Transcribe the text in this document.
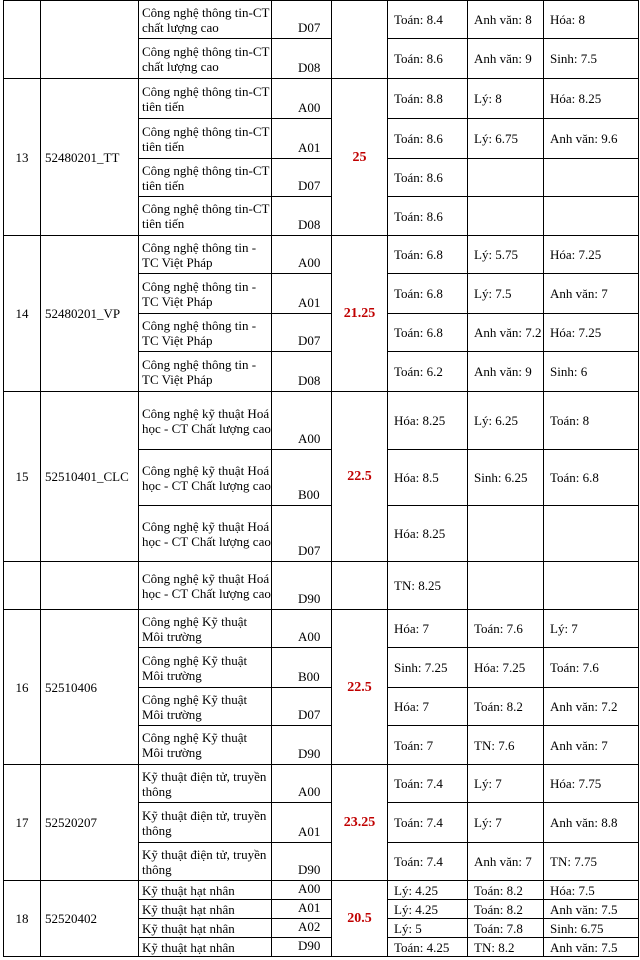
		Công nghệ thông tin-CT chất lượng cao	D07		Toán: 8.4	Anh văn: 8	Hóa: 8
		Công nghệ thông tin-CT chất lượng cao	D08		Toán: 8.6	Anh văn: 9	Sinh: 7.5
13	52480201_TT	Công nghệ thông tin-CT tiên tiến	A00	25	Toán: 8.8	Lý: 8	Hóa: 8.25
		Công nghệ thông tin-CT tiên tiến	A01		Toán: 8.6	Lý: 6.75	Anh văn: 9.6
		Công nghệ thông tin-CT tiên tiến	D07		Toán: 8.6		
		Công nghệ thông tin-CT tiên tiến	D08		Toán: 8.6		
14	52480201_VP	Công nghệ thông tin - TC Việt Pháp	A00	21.25	Toán: 6.8	Lý: 5.75	Hóa: 7.25
		Công nghệ thông tin - TC Việt Pháp	A01		Toán: 6.8	Lý: 7.5	Anh văn: 7
		Công nghệ thông tin - TC Việt Pháp	D07		Toán: 6.8	Anh văn: 7.2	Hóa: 7.25
		Công nghệ thông tin - TC Việt Pháp	D08		Toán: 6.2	Anh văn: 9	Sinh: 6
15	52510401_CLC	Công nghệ kỹ thuật Hoá học - CT Chất lượng cao	A00	22.5	Hóa: 8.25	Lý: 6.25	Toán: 8
		Công nghệ kỹ thuật Hoá học - CT Chất lượng cao	B00		Hóa: 8.5	Sinh: 6.25	Toán: 6.8
		Công nghệ kỹ thuật Hoá học - CT Chất lượng cao	D07		Hóa: 8.25		
		Công nghệ kỹ thuật Hoá học - CT Chất lượng cao	D90		TN: 8.25		
16	52510406	Công nghệ Kỹ thuật Môi trường	A00	22.5	Hóa: 7	Toán: 7.6	Lý: 7
		Công nghệ Kỹ thuật Môi trường	B00		Sinh: 7.25	Hóa: 7.25	Toán: 7.6
		Công nghệ Kỹ thuật Môi trường	D07		Hóa: 7	Toán: 8.2	Anh văn: 7.2
		Công nghệ Kỹ thuật Môi trường	D90		Toán: 7	TN: 7.6	Anh văn: 7
17	52520207	Kỹ thuật điện tử, truyền thông	A00	23.25	Toán: 7.4	Lý: 7	Hóa: 7.75
		Kỹ thuật điện tử, truyền thông	A01		Toán: 7.4	Lý: 7	Anh văn: 8.8
		Kỹ thuật điện tử, truyền thông	D90		Toán: 7.4	Anh văn: 7	TN: 7.75
18	52520402	Kỹ thuật hạt nhân	A00	20.5	Lý: 4.25	Toán: 8.2	Hóa: 7.5
		Kỹ thuật hạt nhân	A01		Lý: 4.25	Toán: 8.2	Anh văn: 7.5
		Kỹ thuật hạt nhân	A02		Lý: 5	Toán: 7.8	Sinh: 6.75
		Kỹ thuật hạt nhân	D90		Toán: 4.25	TN: 8.2	Anh văn: 7.5
